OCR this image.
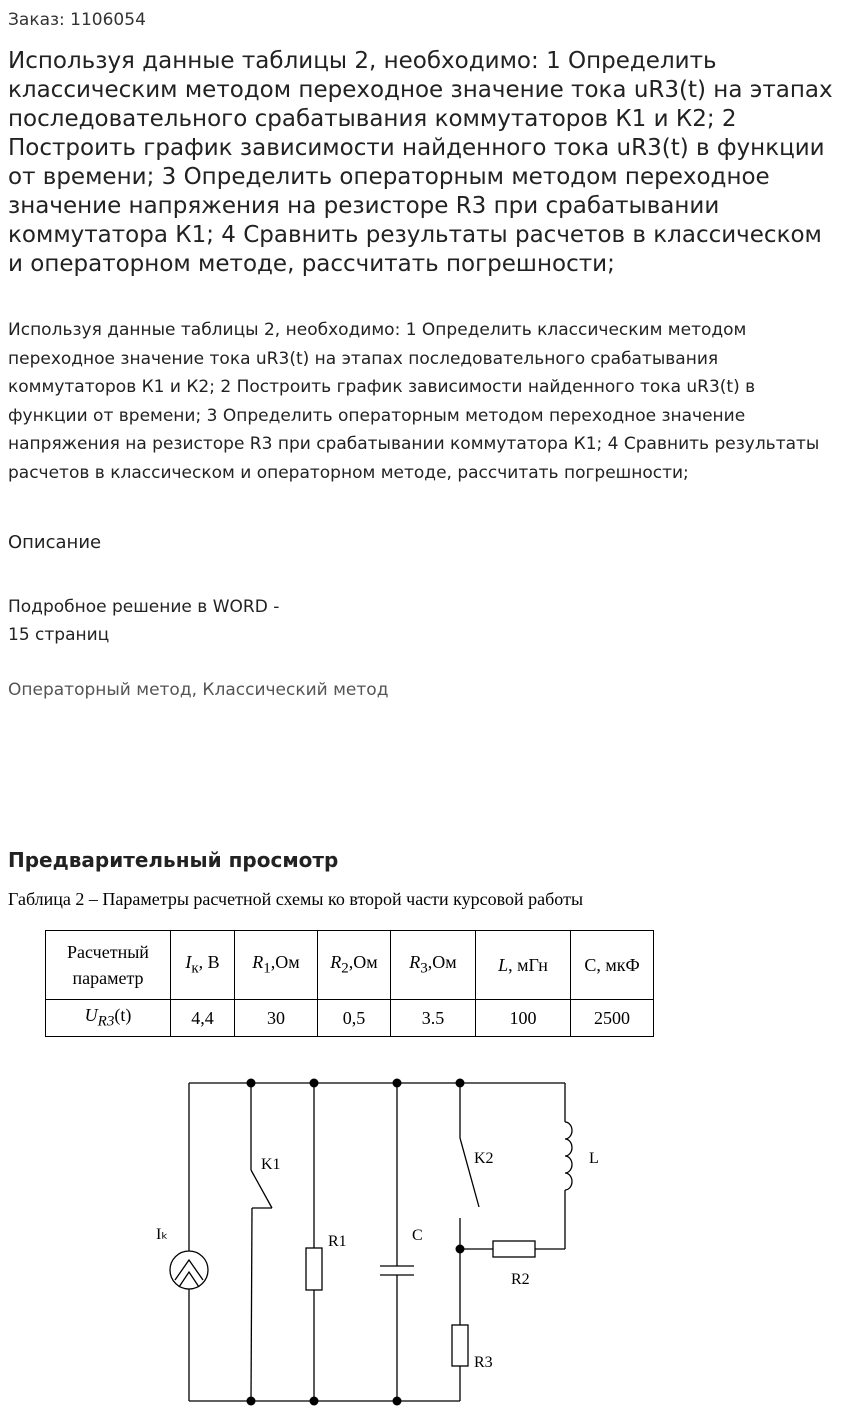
Заказ: 1106054
Используя данные таблицы 2, необходимо: 1 Определить классическим методом переходное значение тока uR3(t) на этапах последовательного срабатывания коммутаторов К1 и К2; 2 Построить график зависимости найденного тока uR3(t) в функции от времени; 3 Определить операторным методом переходное значение напряжения на резисторе R3 при срабатывании коммутатора К1; 4 Сравнить результаты расчетов в классическом и операторном методе, рассчитать погрешности;

Используя данные таблицы 2, необходимо: 1 Определить классическим методом переходное значение тока uR3(t) на этапах последовательного срабатывания коммутаторов К1 и К2; 2 Построить график зависимости найденного тока uR3(t) в функции от времени; 3 Определить операторным методом переходное значение напряжения на резисторе R3 при срабатывании коммутатора К1; 4 Сравнить результаты расчетов в классическом и операторном методе, рассчитать погрешности;

Описание
Подробное решение в WORD -
15 страниц
Операторный метод, Классический метод
Предварительный просмотр
Габлица 2 – Параметры расчетной схемы ко второй части курсовой работы
Расчетный
параметр	$I_к$, В	$R_1,Ом$	$R_2,Ом$	$R_3,Ом$	L, мГн	C, мкФ
$U_{R3}(t)$	4,4	30	0,5	3.5	100	2500
Iₖ
K1
R1	C
K2	L
R2
R3
